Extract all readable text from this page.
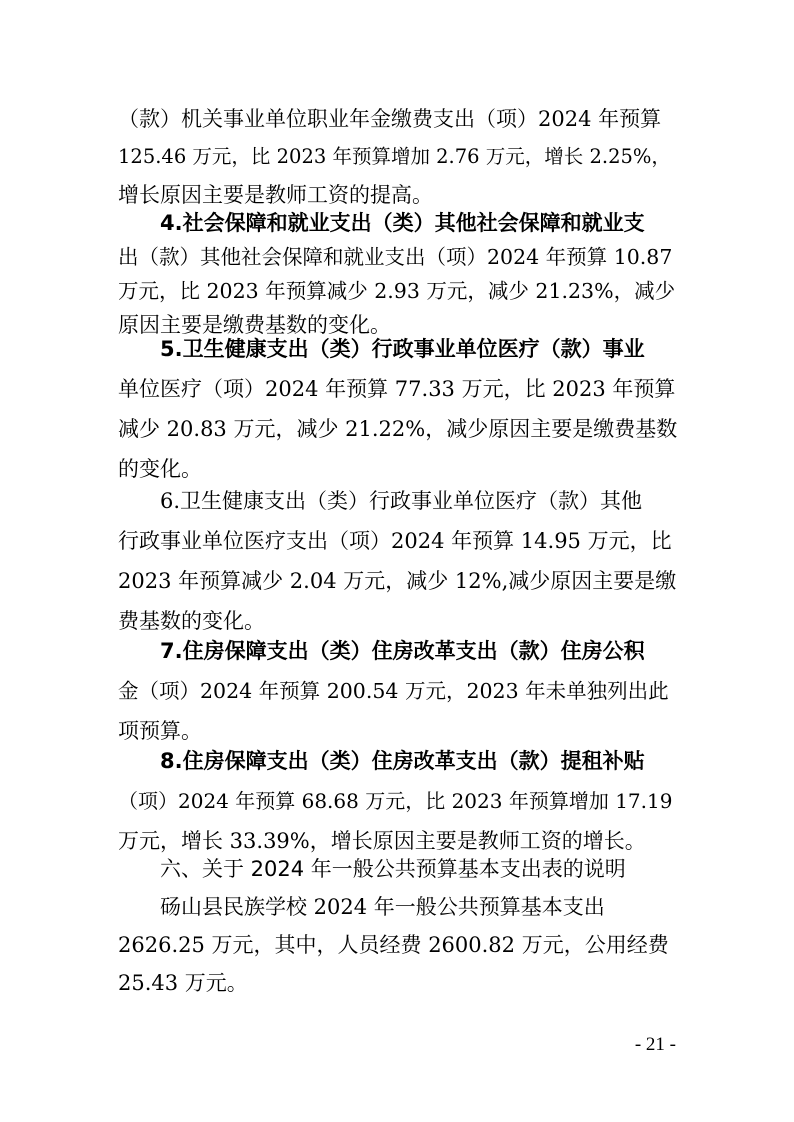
（款）机关事业单位职业年金缴费支出（项）2024 年预算
125.46 万元，比 2023 年预算增加 2.76 万元，增长 2.25%，
增长原因主要是教师工资的提高。
4.社会保障和就业支出（类）其他社会保障和就业支
出（款）其他社会保障和就业支出（项）2024 年预算 10.87
万元，比 2023 年预算减少 2.93 万元，减少 21.23%，减少
原因主要是缴费基数的变化。
5.卫生健康支出（类）行政事业单位医疗（款）事业
单位医疗（项）2024 年预算 77.33 万元，比 2023 年预算
减少 20.83 万元，减少 21.22%，减少原因主要是缴费基数
的变化。
6.卫生健康支出（类）行政事业单位医疗（款）其他
行政事业单位医疗支出（项）2024 年预算 14.95 万元，比
2023 年预算减少 2.04 万元，减少 12%,减少原因主要是缴
费基数的变化。
7.住房保障支出（类）住房改革支出（款）住房公积
金（项）2024 年预算 200.54 万元，2023 年未单独列出此
项预算。
8.住房保障支出（类）住房改革支出（款）提租补贴
（项）2024 年预算 68.68 万元，比 2023 年预算增加 17.19
万元，增长 33.39%，增长原因主要是教师工资的增长。
六、关于 2024 年一般公共预算基本支出表的说明
砀山县民族学校 2024 年一般公共预算基本支出
2626.25 万元，其中，人员经费 2600.82 万元，公用经费
25.43 万元。
- 21 -
